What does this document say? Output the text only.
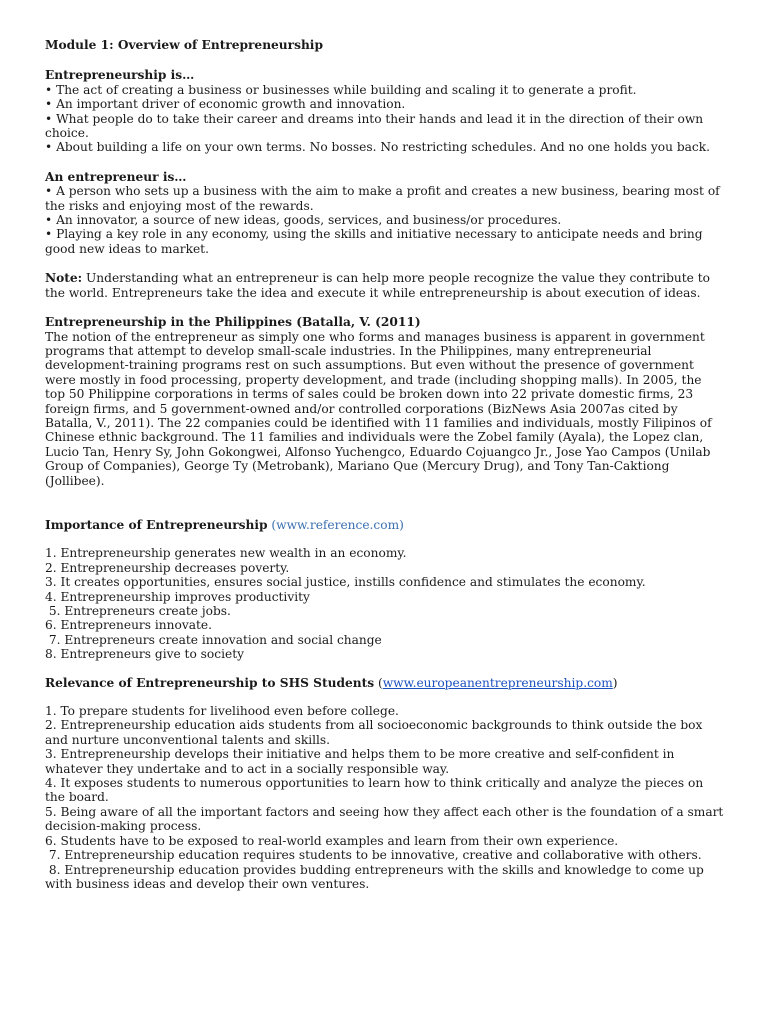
Module 1: Overview of Entrepreneurship
Entrepreneurship is…
• The act of creating a business or businesses while building and scaling it to generate a profit.
• An important driver of economic growth and innovation.
• What people do to take their career and dreams into their hands and lead it in the direction of their own choice.
• About building a life on your own terms. No bosses. No restricting schedules. And no one holds you back.
An entrepreneur is…
• A person who sets up a business with the aim to make a profit and creates a new business, bearing most of the risks and enjoying most of the rewards.
• An innovator, a source of new ideas, goods, services, and business/or procedures.
• Playing a key role in any economy, using the skills and initiative necessary to anticipate needs and bring good new ideas to market.
Note: Understanding what an entrepreneur is can help more people recognize the value they contribute to the world. Entrepreneurs take the idea and execute it while entrepreneurship is about execution of ideas.
Entrepreneurship in the Philippines (Batalla, V. (2011)
The notion of the entrepreneur as simply one who forms and manages business is apparent in government programs that attempt to develop small-scale industries. In the Philippines, many entrepreneurial development-training programs rest on such assumptions. But even without the presence of government were mostly in food processing, property development, and trade (including shopping malls). In 2005, the top 50 Philippine corporations in terms of sales could be broken down into 22 private domestic firms, 23 foreign firms, and 5 government-owned and/or controlled corporations (BizNews Asia 2007as cited by Batalla, V., 2011). The 22 companies could be identified with 11 families and individuals, mostly Filipinos of Chinese ethnic background. The 11 families and individuals were the Zobel family (Ayala), the Lopez clan, Lucio Tan, Henry Sy, John Gokongwei, Alfonso Yuchengco, Eduardo Cojuangco Jr., Jose Yao Campos (Unilab Group of Companies), George Ty (Metrobank), Mariano Que (Mercury Drug), and Tony Tan-Caktiong (Jollibee).
Importance of Entrepreneurship (www.reference.com)
1. Entrepreneurship generates new wealth in an economy.
2. Entrepreneurship decreases poverty.
3. It creates opportunities, ensures social justice, instills confidence and stimulates the economy.
4. Entrepreneurship improves productivity
5. Entrepreneurs create jobs.
6. Entrepreneurs innovate.
7. Entrepreneurs create innovation and social change
8. Entrepreneurs give to society
Relevance of Entrepreneurship to SHS Students (www.europeanentrepreneurship.com)
1. To prepare students for livelihood even before college.
2. Entrepreneurship education aids students from all socioeconomic backgrounds to think outside the box and nurture unconventional talents and skills.
3. Entrepreneurship develops their initiative and helps them to be more creative and self-confident in whatever they undertake and to act in a socially responsible way.
4. It exposes students to numerous opportunities to learn how to think critically and analyze the pieces on the board.
5. Being aware of all the important factors and seeing how they affect each other is the foundation of a smart decision-making process.
6. Students have to be exposed to real-world examples and learn from their own experience.
7. Entrepreneurship education requires students to be innovative, creative and collaborative with others.
8. Entrepreneurship education provides budding entrepreneurs with the skills and knowledge to come up with business ideas and develop their own ventures.
